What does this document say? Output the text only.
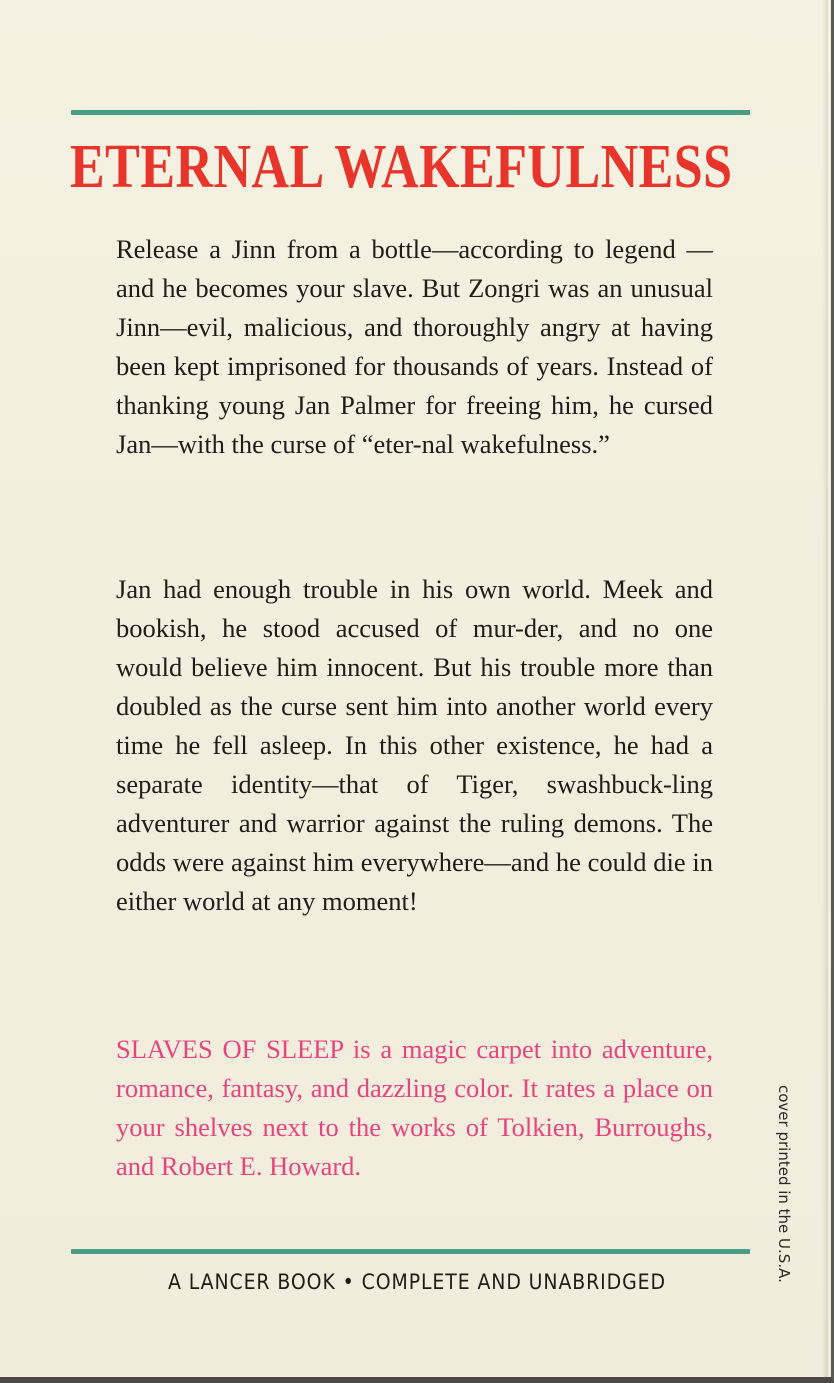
ETERNAL WAKEFULNESS

Release a Jinn from a bottle—according to legend — and he becomes your slave. But Zongri was an unusual Jinn—evil, malicious, and thoroughly angry at having been kept imprisoned for thousands of years. Instead of thanking young Jan Palmer for freeing him, he cursed Jan—with the curse of “eter-nal wakefulness.”

Jan had enough trouble in his own world. Meek and bookish, he stood accused of mur-der, and no one would believe him innocent. But his trouble more than doubled as the curse sent him into another world every time he fell asleep. In this other existence, he had a separate identity—that of Tiger, swashbuck-ling adventurer and warrior against the ruling demons. The odds were against him everywhere—and he could die in either world at any moment!

SLAVES OF SLEEP is a magic carpet into adventure, romance, fantasy, and dazzling color. It rates a place on your shelves next to the works of Tolkien, Burroughs, and Robert E. Howard.

A LANCER BOOK • COMPLETE AND UNABRIDGED	cover printed in the U.S.A.
